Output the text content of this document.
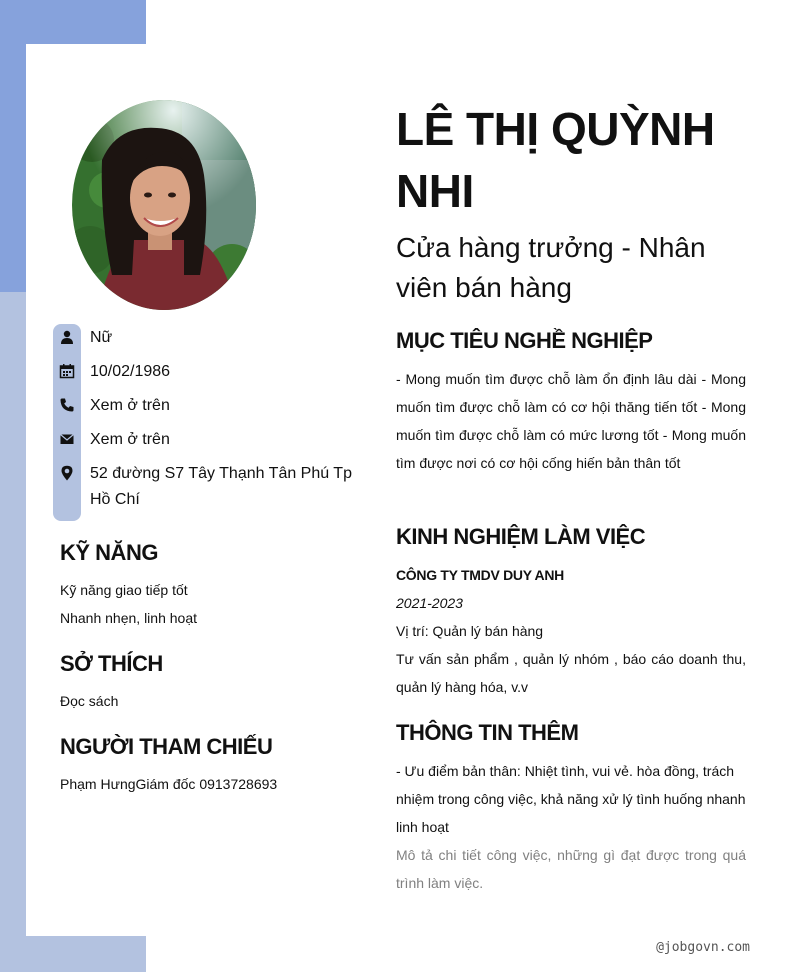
Nữ
10/02/1986
Xem ở trên
Xem ở trên
52 đường S7 Tây Thạnh Tân Phú Tp Hồ Chí
KỸ NĂNG
Kỹ năng giao tiếp tốt
Nhanh nhẹn, linh hoạt
SỞ THÍCH
Đọc sách
NGƯỜI THAM CHIẾU
Phạm HưngGiám đốc 0913728693
LÊ THỊ QUỲNH NHI
Cửa hàng trưởng - Nhân viên bán hàng
MỤC TIÊU NGHỀ NGHIỆP
- Mong muốn tìm được chỗ làm ổn định lâu dài - Mong muốn tìm được chỗ làm có cơ hội thăng tiến tốt - Mong muốn tìm được chỗ làm có mức lương tốt - Mong muốn tìm được nơi có cơ hội cống hiến bản thân tốt
KINH NGHIỆM LÀM VIỆC
CÔNG TY TMDV DUY ANH
2021-2023
Vị trí: Quản lý bán hàng
Tư vấn sản phẩm , quản lý nhóm , báo cáo doanh thu, quản lý hàng hóa, v.v
THÔNG TIN THÊM
- Ưu điểm bản thân: Nhiệt tình, vui vẻ. hòa đồng, trách nhiệm trong công việc, khả năng xử lý tình huống nhanh linh hoạt
Mô tả chi tiết công việc, những gì đạt được trong quá trình làm việc.
@jobgovn.com
